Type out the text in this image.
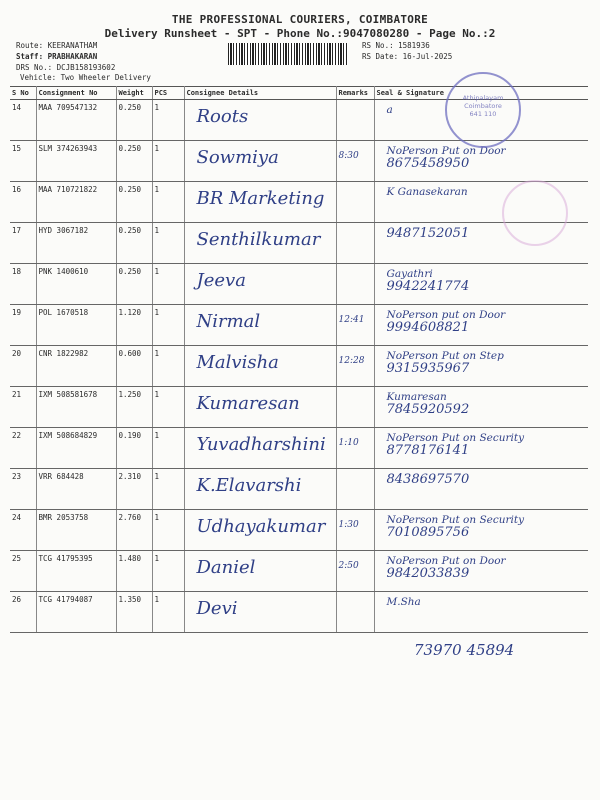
THE PROFESSIONAL COURIERS, COIMBATORE
Delivery Runsheet - SPT - Phone No.:9047080280 - Page No.:2
Route: KEERANATHAM
Staff: PRABHAKARAN
DRS No.: DCJB158193602
Vehicle: Two Wheeler Delivery
RS No.: 1581936
RS Date: 16-Jul-2025
S No	Consignment No	Weight	PCS	Consignee Details	Remarks	Seal & Signature
14	MAA 709547132	0.250	1	Roots		a

15	SLM 374263943	0.250	1	Sowmiya	8:30	NoPerson Put on Door
8675458950

16	MAA 710721822	0.250	1	BR Marketing		K Ganasekaran

17	HYD 3067182	0.250	1	Senthilkumar		9487152051

18	PNK 1400610	0.250	1	Jeeva		Gayathri
9942241774

19	POL 1670518	1.120	1	Nirmal	12:41	NoPerson put on Door
9994608821

20	CNR 1822982	0.600	1	Malvisha	12:28	NoPerson Put on Step
9315935967

21	IXM 508581678	1.250	1	Kumaresan		Kumaresan
7845920592

22	IXM 508684829	0.190	1	Yuvadharshini	1:10	NoPerson Put on Security
8778176141

23	VRR 684428	2.310	1	K.Elavarshi		8438697570

24	BMR 2053758	2.760	1	Udhayakumar	1:30	NoPerson Put on Security
7010895756

25	TCG 41795395	1.480	1	Daniel	2:50	NoPerson Put on Door
9842033839

26	TCG 41794087	1.350	1	Devi		M.Sha
Athipalayam
Coimbatore
641 110
73970 45894
